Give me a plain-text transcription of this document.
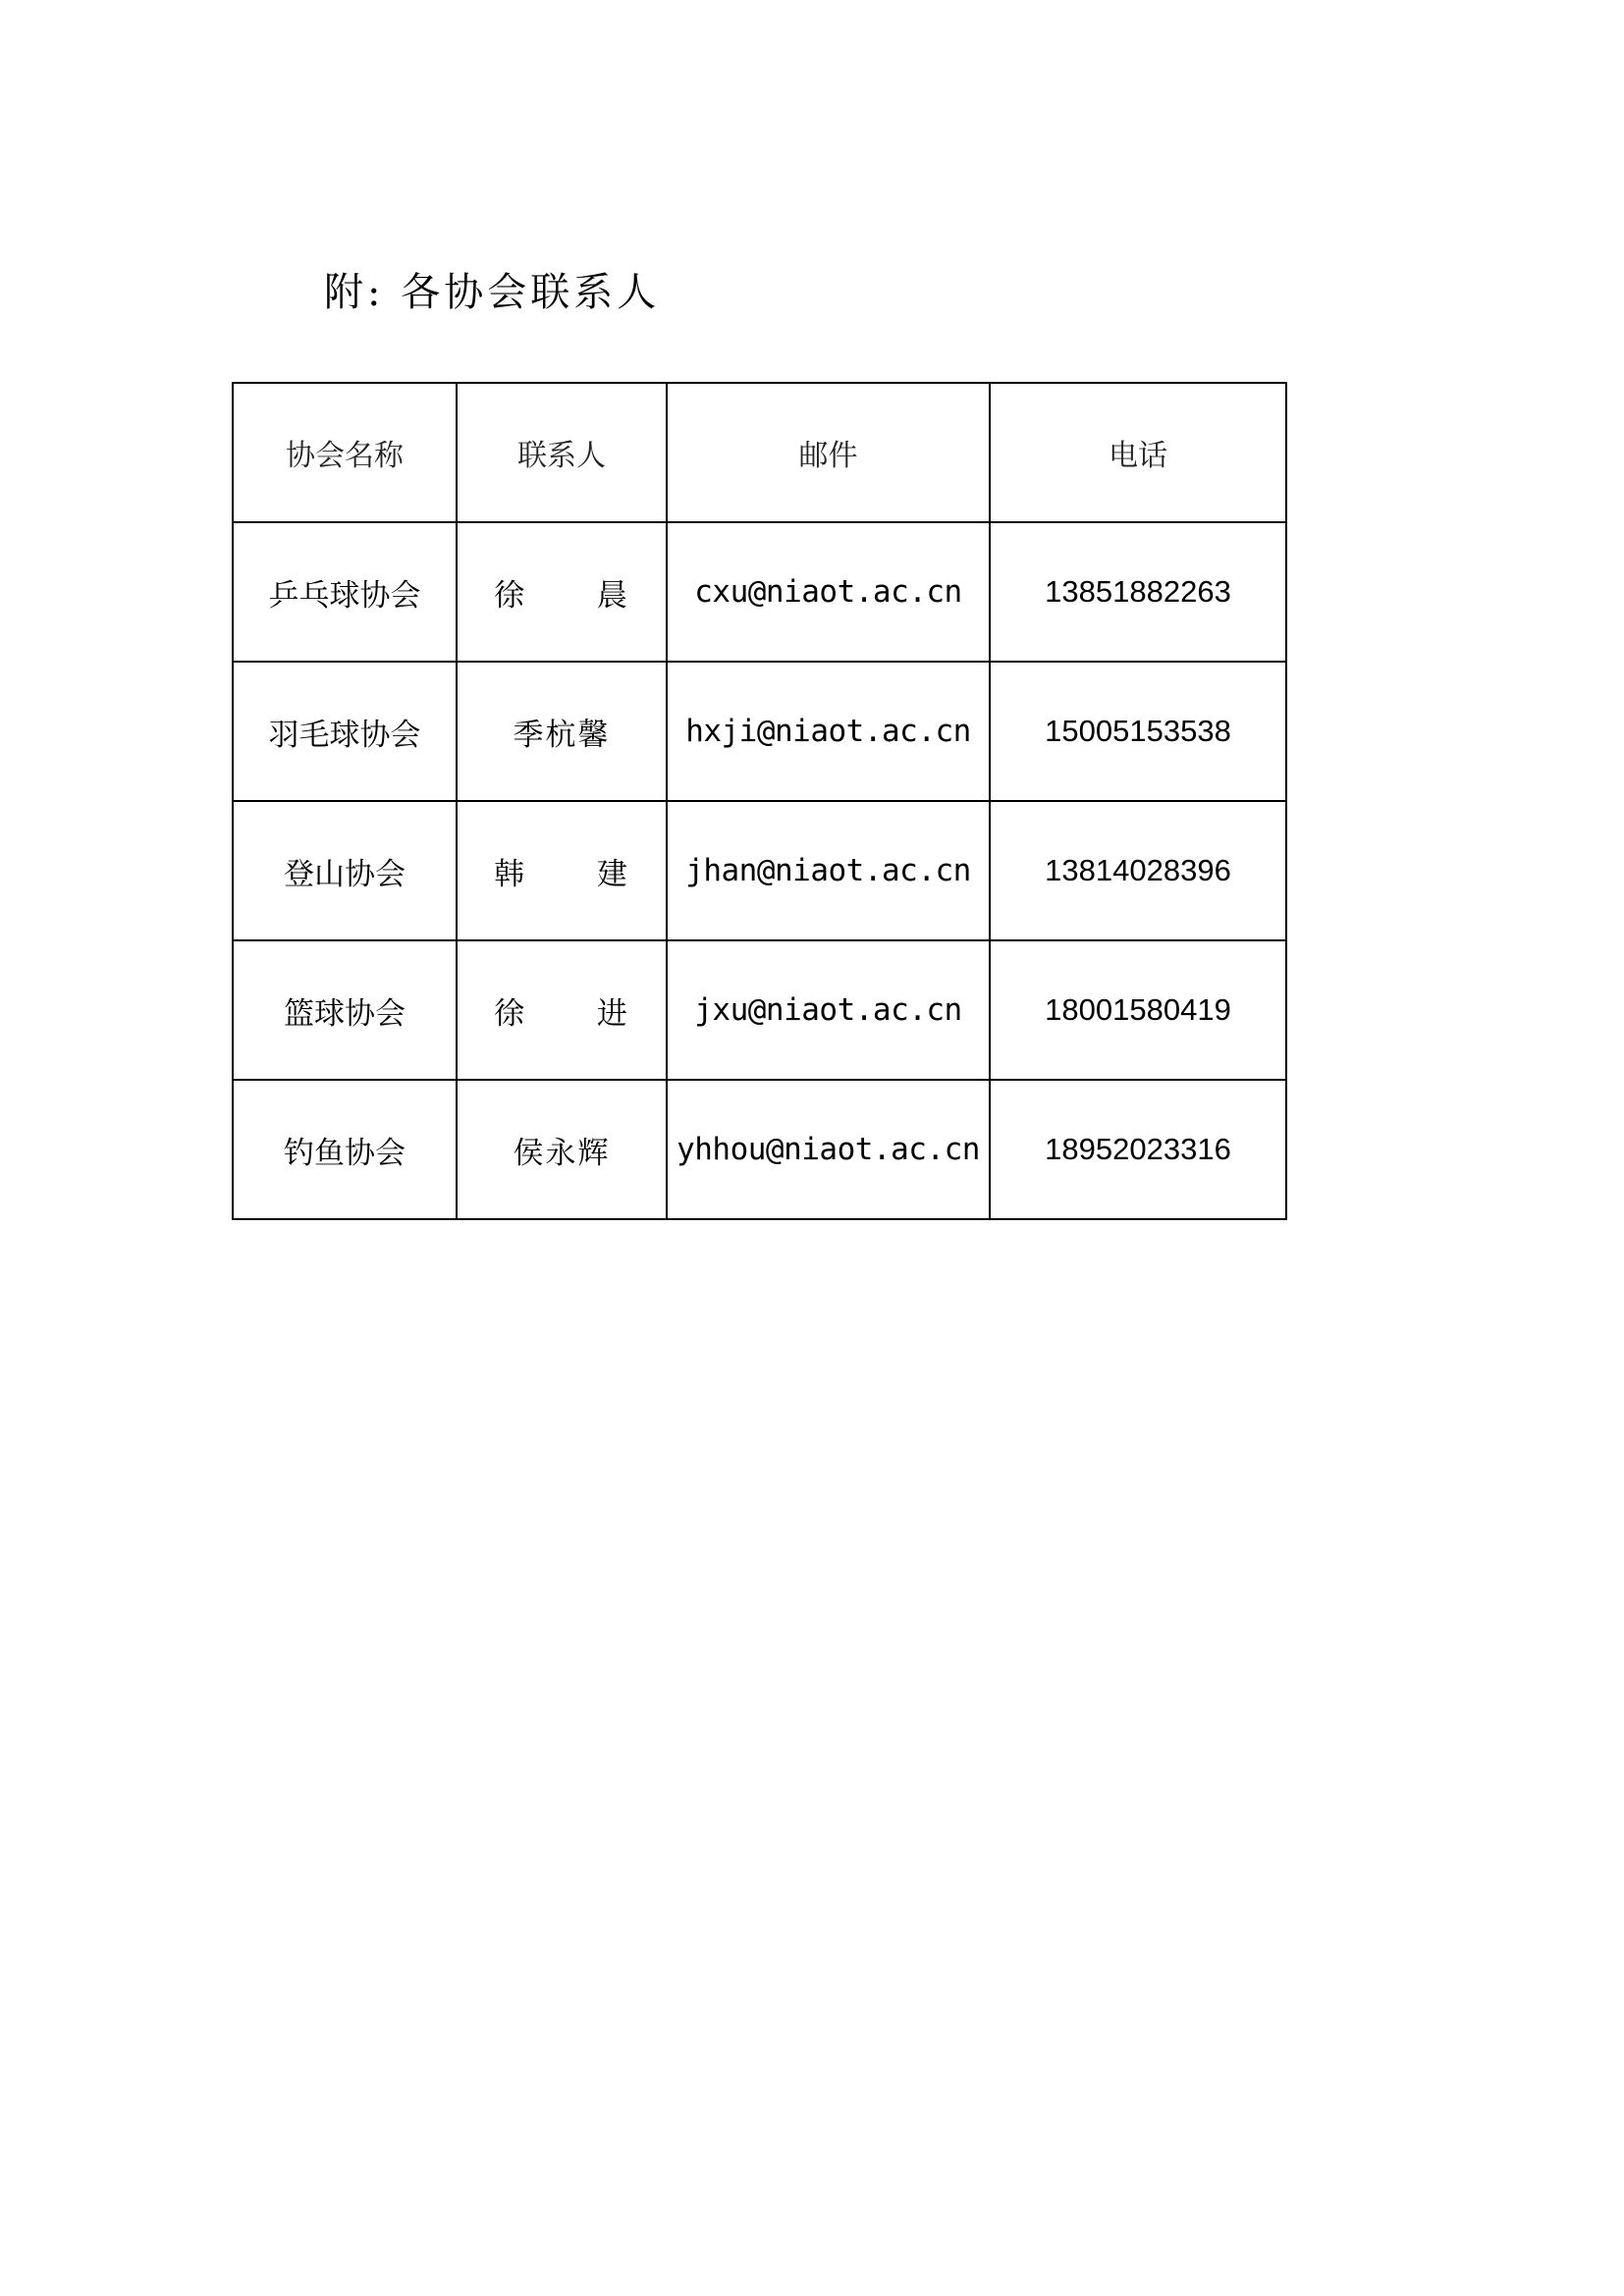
附: 各协会联系人
协会名称	联系人	邮件	电话
乒乓球协会	徐  晨	cxu@niaot.ac.cn	13851882263
羽毛球协会	季杭馨	hxji@niaot.ac.cn	15005153538
登山协会	韩  建	jhan@niaot.ac.cn	13814028396
篮球协会	徐  进	jxu@niaot.ac.cn	18001580419
钓鱼协会	侯永辉	yhhou@niaot.ac.cn	18952023316
